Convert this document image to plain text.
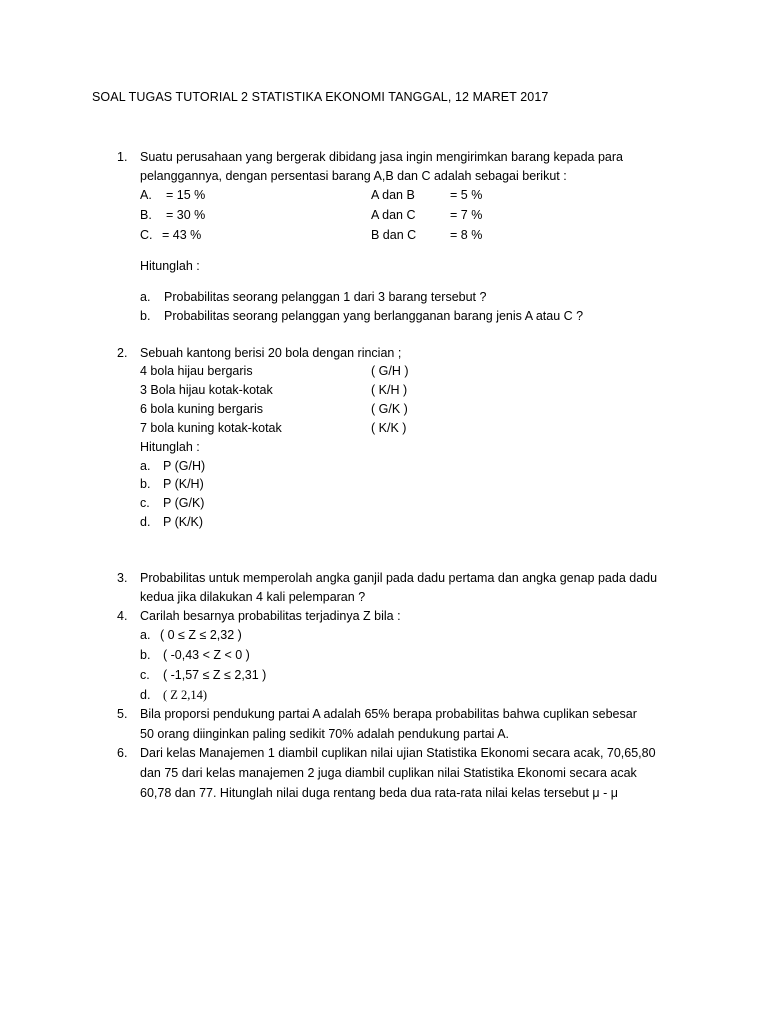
SOAL TUGAS TUTORIAL 2 STATISTIKA EKONOMI TANGGAL, 12 MARET 2017
1. Suatu perusahaan yang bergerak dibidang jasa ingin mengirimkan barang kepada para
pelanggannya, dengan persentasi barang A,B dan C adalah sebagai berikut :
A. = 15 %	A dan B	= 5 %
B. = 30 %	A dan C	= 7 %
C. = 43 %	B dan C	= 8 %
Hitunglah :
a. Probabilitas seorang pelanggan 1 dari 3 barang tersebut ?
b. Probabilitas seorang pelanggan yang berlangganan barang jenis A atau C ?
2. Sebuah kantong berisi 20 bola dengan rincian ;
4 bola hijau bergaris	( G/H )
3 Bola hijau kotak-kotak	( K/H )
6 bola kuning bergaris	( G/K )
7 bola kuning kotak-kotak	( K/K )
Hitunglah :
a. P (G/H)
b. P (K/H)
c. P (G/K)
d. P (K/K)
3. Probabilitas untuk memperolah angka ganjil pada dadu pertama dan angka genap pada dadu
kedua jika dilakukan 4 kali pelemparan ?
4. Carilah besarnya probabilitas terjadinya Z bila :
a. ( 0 ≤ Z ≤ 2,32 )
b. ( -0,43 < Z < 0 )
c. ( -1,57 ≤ Z ≤ 2,31 )
d. ( Z 2,14)
5. Bila proporsi pendukung partai A adalah 65% berapa probabilitas bahwa cuplikan sebesar
50 orang diinginkan paling sedikit 70% adalah pendukung partai A.
6. Dari kelas Manajemen 1 diambil cuplikan nilai ujian Statistika Ekonomi secara acak, 70,65,80
dan 75 dari kelas manajemen 2 juga diambil cuplikan nilai Statistika Ekonomi secara acak
60,78 dan 77. Hitunglah nilai duga rentang beda dua rata-rata nilai kelas tersebut μ - μ
